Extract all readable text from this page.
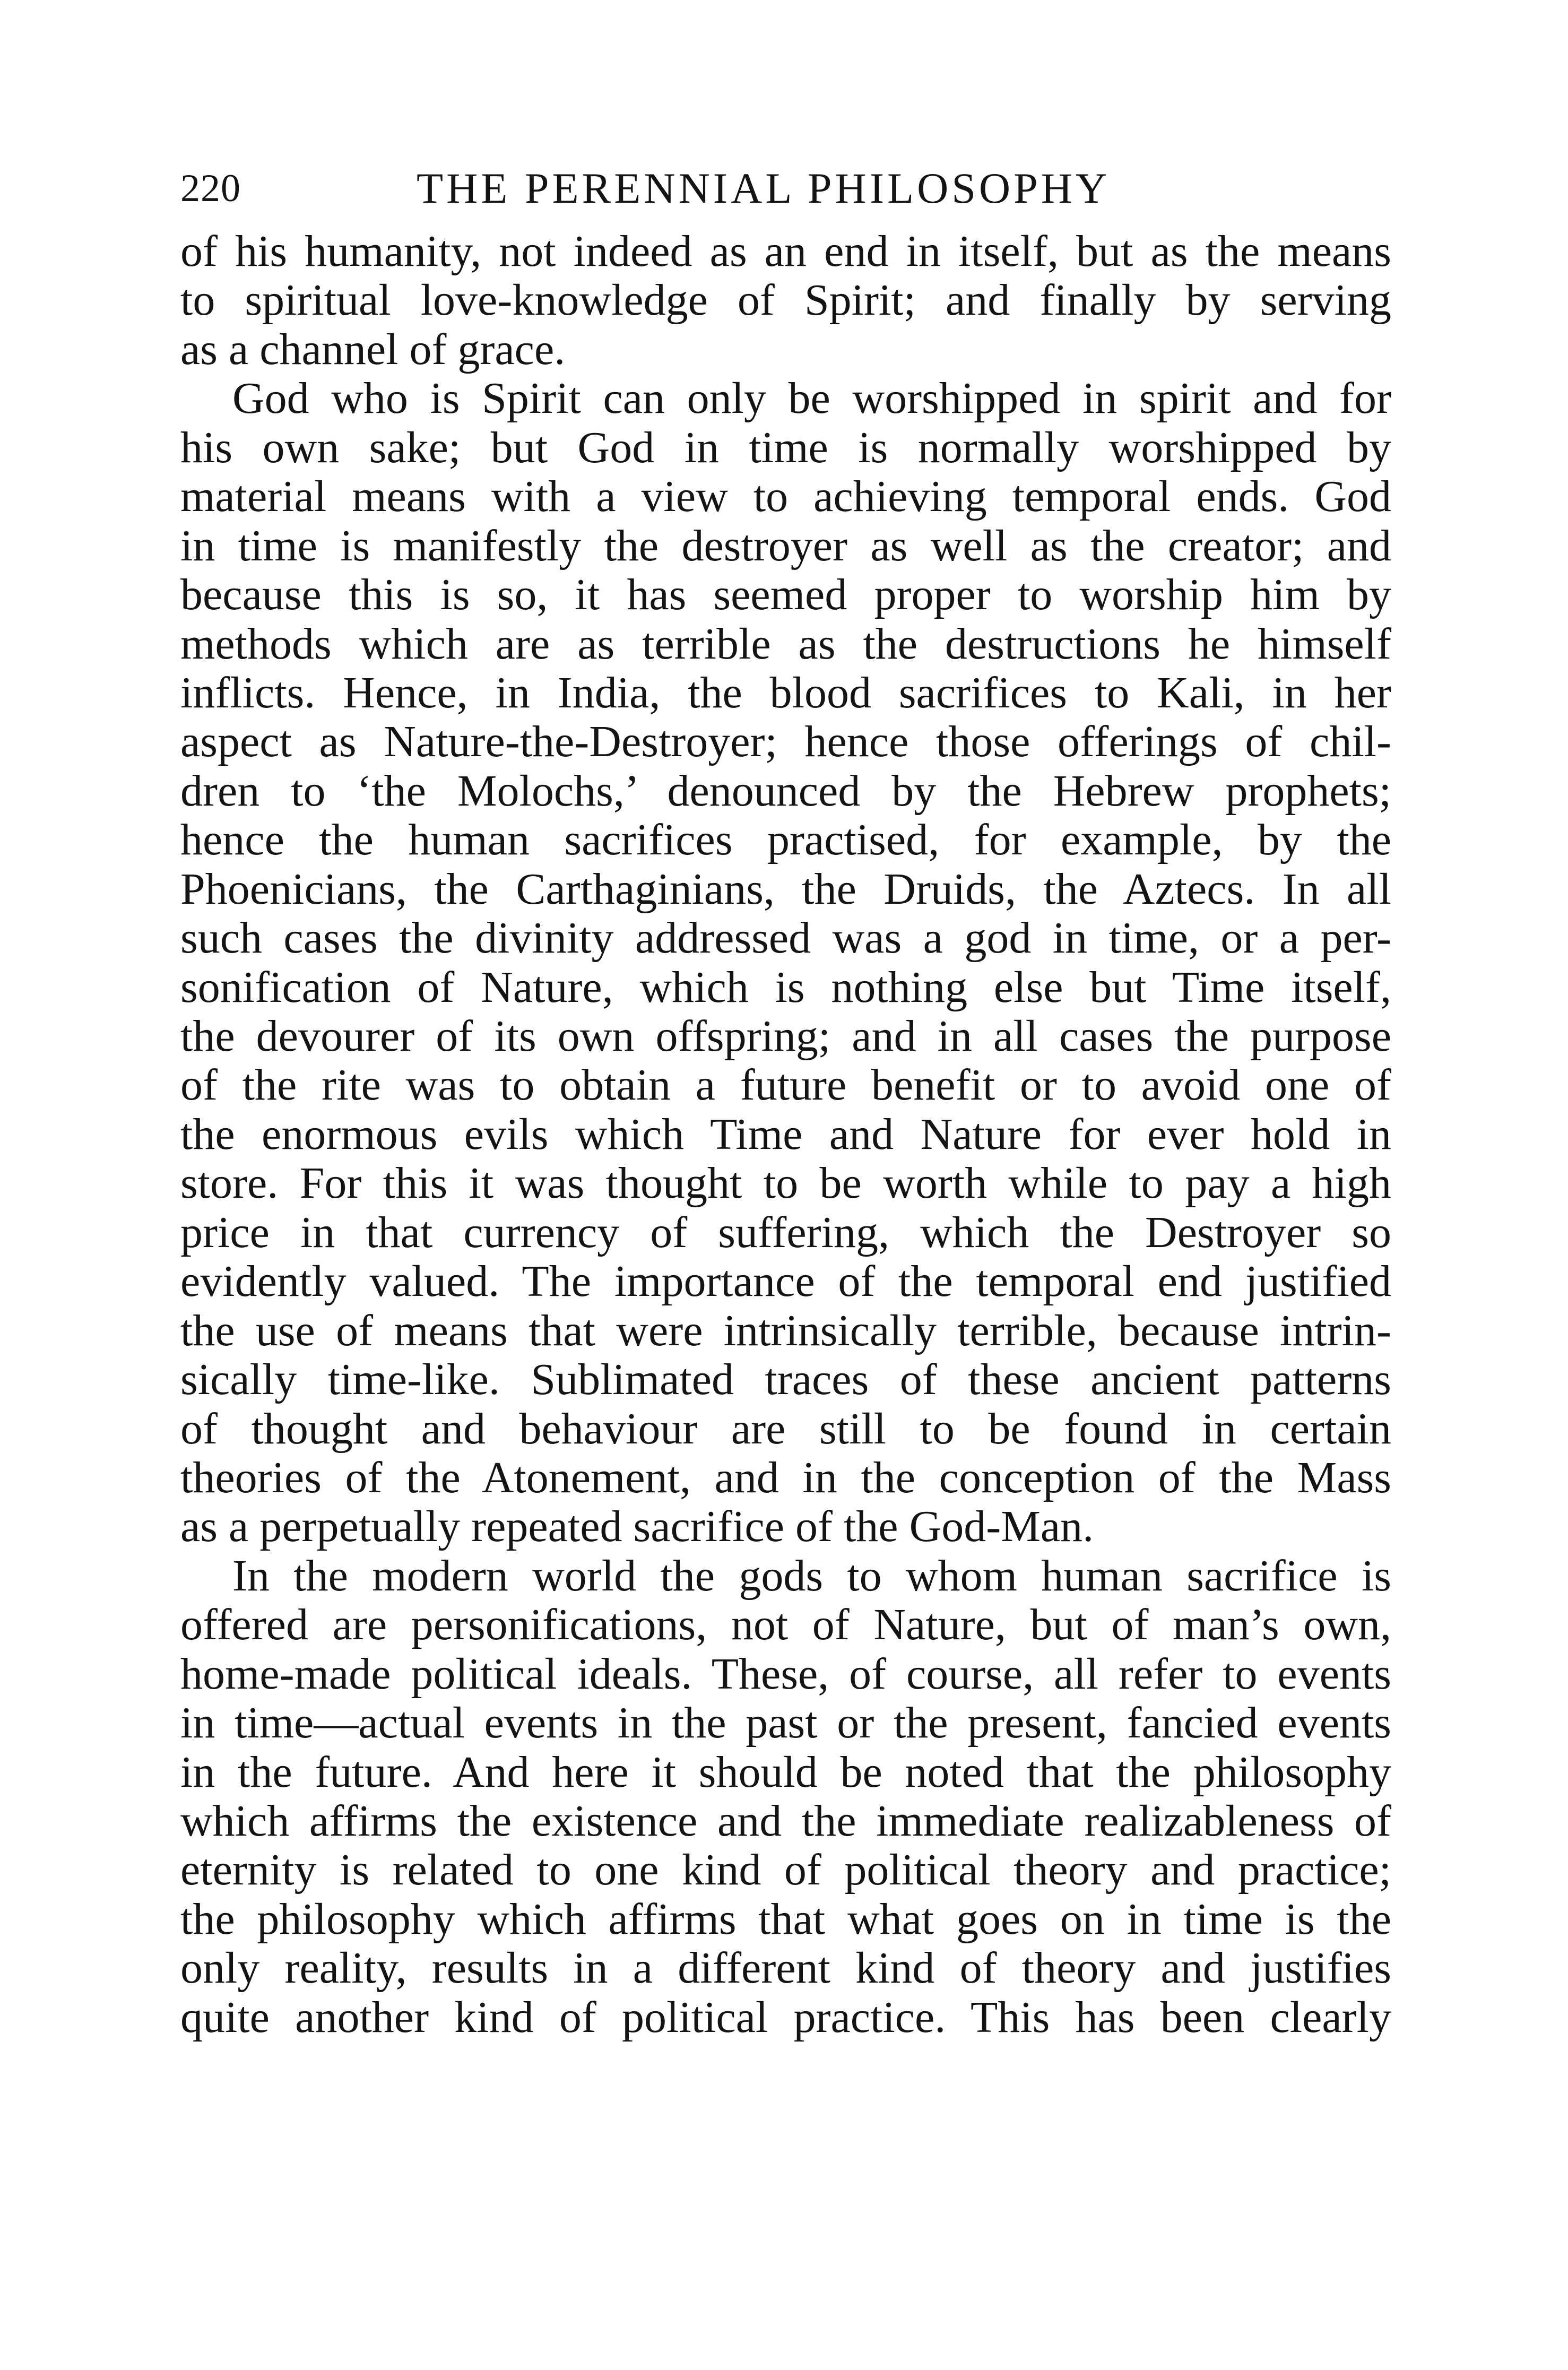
220	THE PERENNIAL PHILOSOPHY
of his humanity, not indeed as an end in itself, but as the means
to spiritual love-knowledge of Spirit; and finally by serving
as a channel of grace.
God who is Spirit can only be worshipped in spirit and for
his own sake; but God in time is normally worshipped by
material means with a view to achieving temporal ends. God
in time is manifestly the destroyer as well as the creator; and
because this is so, it has seemed proper to worship him by
methods which are as terrible as the destructions he himself
inflicts. Hence, in India, the blood sacrifices to Kali, in her
aspect as Nature-the-Destroyer; hence those offerings of chil-
dren to ‘the Molochs,’ denounced by the Hebrew prophets;
hence the human sacrifices practised, for example, by the
Phoenicians, the Carthaginians, the Druids, the Aztecs. In all
such cases the divinity addressed was a god in time, or a per-
sonification of Nature, which is nothing else but Time itself,
the devourer of its own offspring; and in all cases the purpose
of the rite was to obtain a future benefit or to avoid one of
the enormous evils which Time and Nature for ever hold in
store. For this it was thought to be worth while to pay a high
price in that currency of suffering, which the Destroyer so
evidently valued. The importance of the temporal end justified
the use of means that were intrinsically terrible, because intrin-
sically time-like. Sublimated traces of these ancient patterns
of thought and behaviour are still to be found in certain
theories of the Atonement, and in the conception of the Mass
as a perpetually repeated sacrifice of the God-Man.
In the modern world the gods to whom human sacrifice is
offered are personifications, not of Nature, but of man’s own,
home-made political ideals. These, of course, all refer to events
in time—actual events in the past or the present, fancied events
in the future. And here it should be noted that the philosophy
which affirms the existence and the immediate realizableness of
eternity is related to one kind of political theory and practice;
the philosophy which affirms that what goes on in time is the
only reality, results in a different kind of theory and justifies
quite another kind of political practice. This has been clearly
